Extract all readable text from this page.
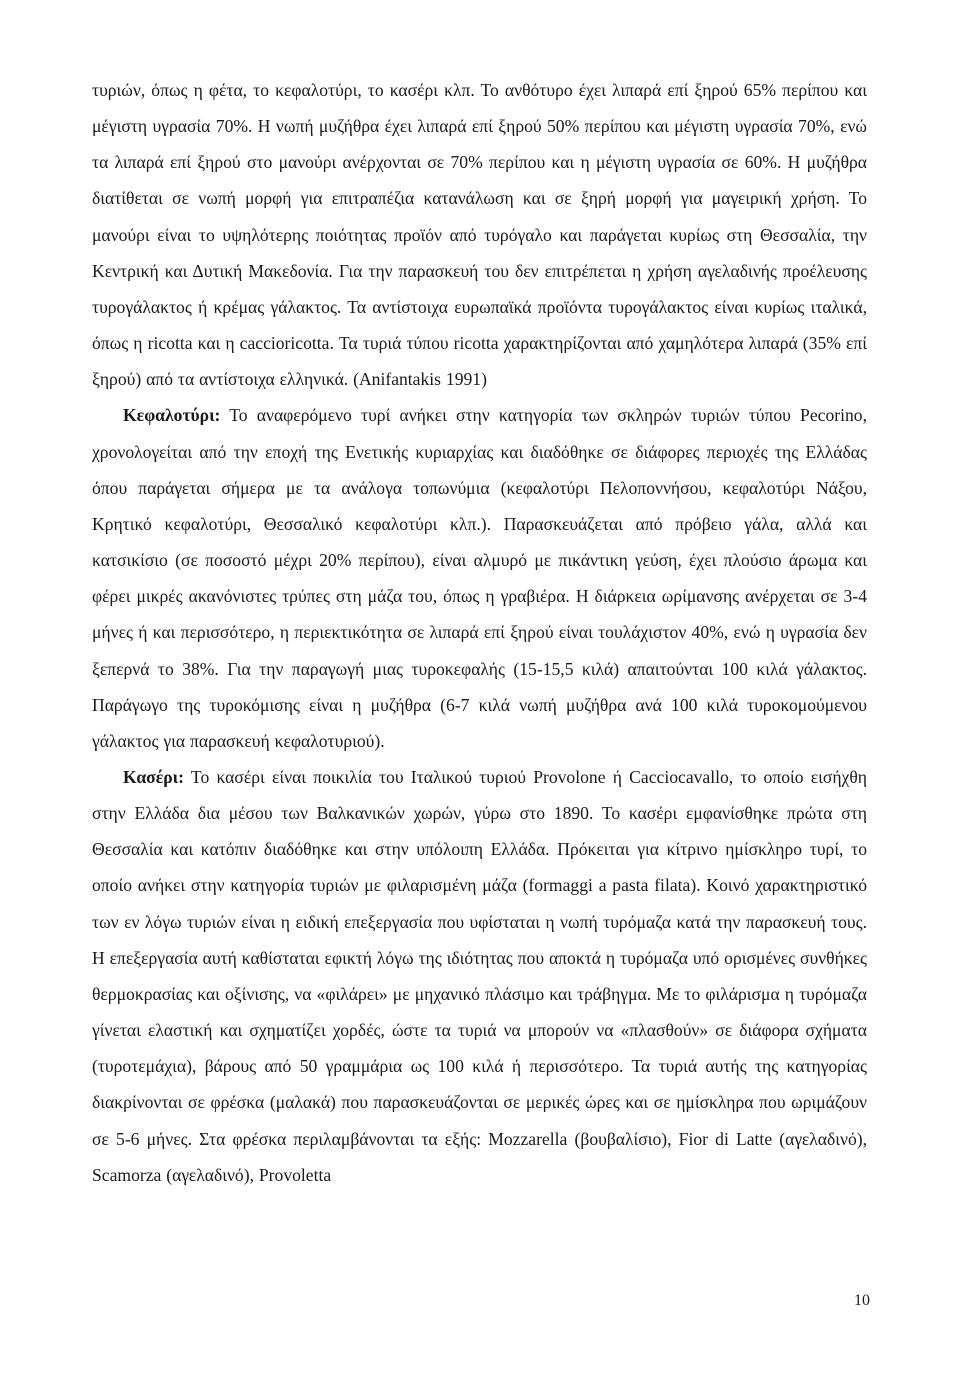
τυριών, όπως η φέτα, το κεφαλοτύρι, το κασέρι κλπ. Το ανθότυρο έχει λιπαρά επί ξηρού 65% περίπου και μέγιστη υγρασία 70%. Η νωπή μυζήθρα έχει λιπαρά επί ξηρού 50% περίπου και μέγιστη υγρασία 70%, ενώ τα λιπαρά επί ξηρού στο μανούρι ανέρχονται σε 70% περίπου και η μέγιστη υγρασία σε 60%. Η μυζήθρα διατίθεται σε νωπή μορφή για επιτραπέζια κατανάλωση και σε ξηρή μορφή για μαγειρική χρήση. Το μανούρι είναι το υψηλότερης ποιότητας προϊόν από τυρόγαλο και παράγεται κυρίως στη Θεσσαλία, την Κεντρική και Δυτική Μακεδονία. Για την παρασκευή του δεν επιτρέπεται η χρήση αγελαδινής προέλευσης τυρογάλακτος ή κρέμας γάλακτος. Τα αντίστοιχα ευρωπαϊκά προϊόντα τυρογάλακτος είναι κυρίως ιταλικά, όπως η ricotta και η caccioricotta. Τα τυριά τύπου ricotta χαρακτηρίζονται από χαμηλότερα λιπαρά (35% επί ξηρού) από τα αντίστοιχα ελληνικά. (Anifantakis 1991)

Κεφαλοτύρι: Το αναφερόμενο τυρί ανήκει στην κατηγορία των σκληρών τυριών τύπου Pecorino, χρονολογείται από την εποχή της Ενετικής κυριαρχίας και διαδόθηκε σε διάφορες περιοχές της Ελλάδας όπου παράγεται σήμερα με τα ανάλογα τοπωνύμια (κεφαλοτύρι Πελοποννήσου, κεφαλοτύρι Νάξου, Κρητικό κεφαλοτύρι, Θεσσαλικό κεφαλοτύρι κλπ.). Παρασκευάζεται από πρόβειο γάλα, αλλά και κατσικίσιο (σε ποσοστό μέχρι 20% περίπου), είναι αλμυρό με πικάντικη γεύση, έχει πλούσιο άρωμα και φέρει μικρές ακανόνιστες τρύπες στη μάζα του, όπως η γραβιέρα. Η διάρκεια ωρίμανσης ανέρχεται σε 3-4 μήνες ή και περισσότερο, η περιεκτικότητα σε λιπαρά επί ξηρού είναι τουλάχιστον 40%, ενώ η υγρασία δεν ξεπερνά το 38%. Για την παραγωγή μιας τυροκεφαλής (15-15,5 κιλά) απαιτούνται 100 κιλά γάλακτος. Παράγωγο της τυροκόμισης είναι η μυζήθρα (6-7 κιλά νωπή μυζήθρα ανά 100 κιλά τυροκομούμενου γάλακτος για παρασκευή κεφαλοτυριού).

Κασέρι: Το κασέρι είναι ποικιλία του Ιταλικού τυριού Provolone ή Cacciocavallo, το οποίο εισήχθη στην Ελλάδα δια μέσου των Βαλκανικών χωρών, γύρω στο 1890. Το κασέρι εμφανίσθηκε πρώτα στη Θεσσαλία και κατόπιν διαδόθηκε και στην υπόλοιπη Ελλάδα. Πρόκειται για κίτρινο ημίσκληρο τυρί, το οποίο ανήκει στην κατηγορία τυριών με φιλαρισμένη μάζα (formaggi a pasta filata). Κοινό χαρακτηριστικό των εν λόγω τυριών είναι η ειδική επεξεργασία που υφίσταται η νωπή τυρόμαζα κατά την παρασκευή τους. Η επεξεργασία αυτή καθίσταται εφικτή λόγω της ιδιότητας που αποκτά η τυρόμαζα υπό ορισμένες συνθήκες θερμοκρασίας και οξίνισης, να «φιλάρει» με μηχανικό πλάσιμο και τράβηγμα. Με το φιλάρισμα η τυρόμαζα γίνεται ελαστική και σχηματίζει χορδές, ώστε τα τυριά να μπορούν να «πλασθούν» σε διάφορα σχήματα (τυροτεμάχια), βάρους από 50 γραμμάρια ως 100 κιλά ή περισσότερο. Τα τυριά αυτής της κατηγορίας διακρίνονται σε φρέσκα (μαλακά) που παρασκευάζονται σε μερικές ώρες και σε ημίσκληρα που ωριμάζουν σε 5-6 μήνες. Στα φρέσκα περιλαμβάνονται τα εξής: Mozzarella (βουβαλίσιο), Fior di Latte (αγελαδινό), Scamorza (αγελαδινό), Provoletta

10
